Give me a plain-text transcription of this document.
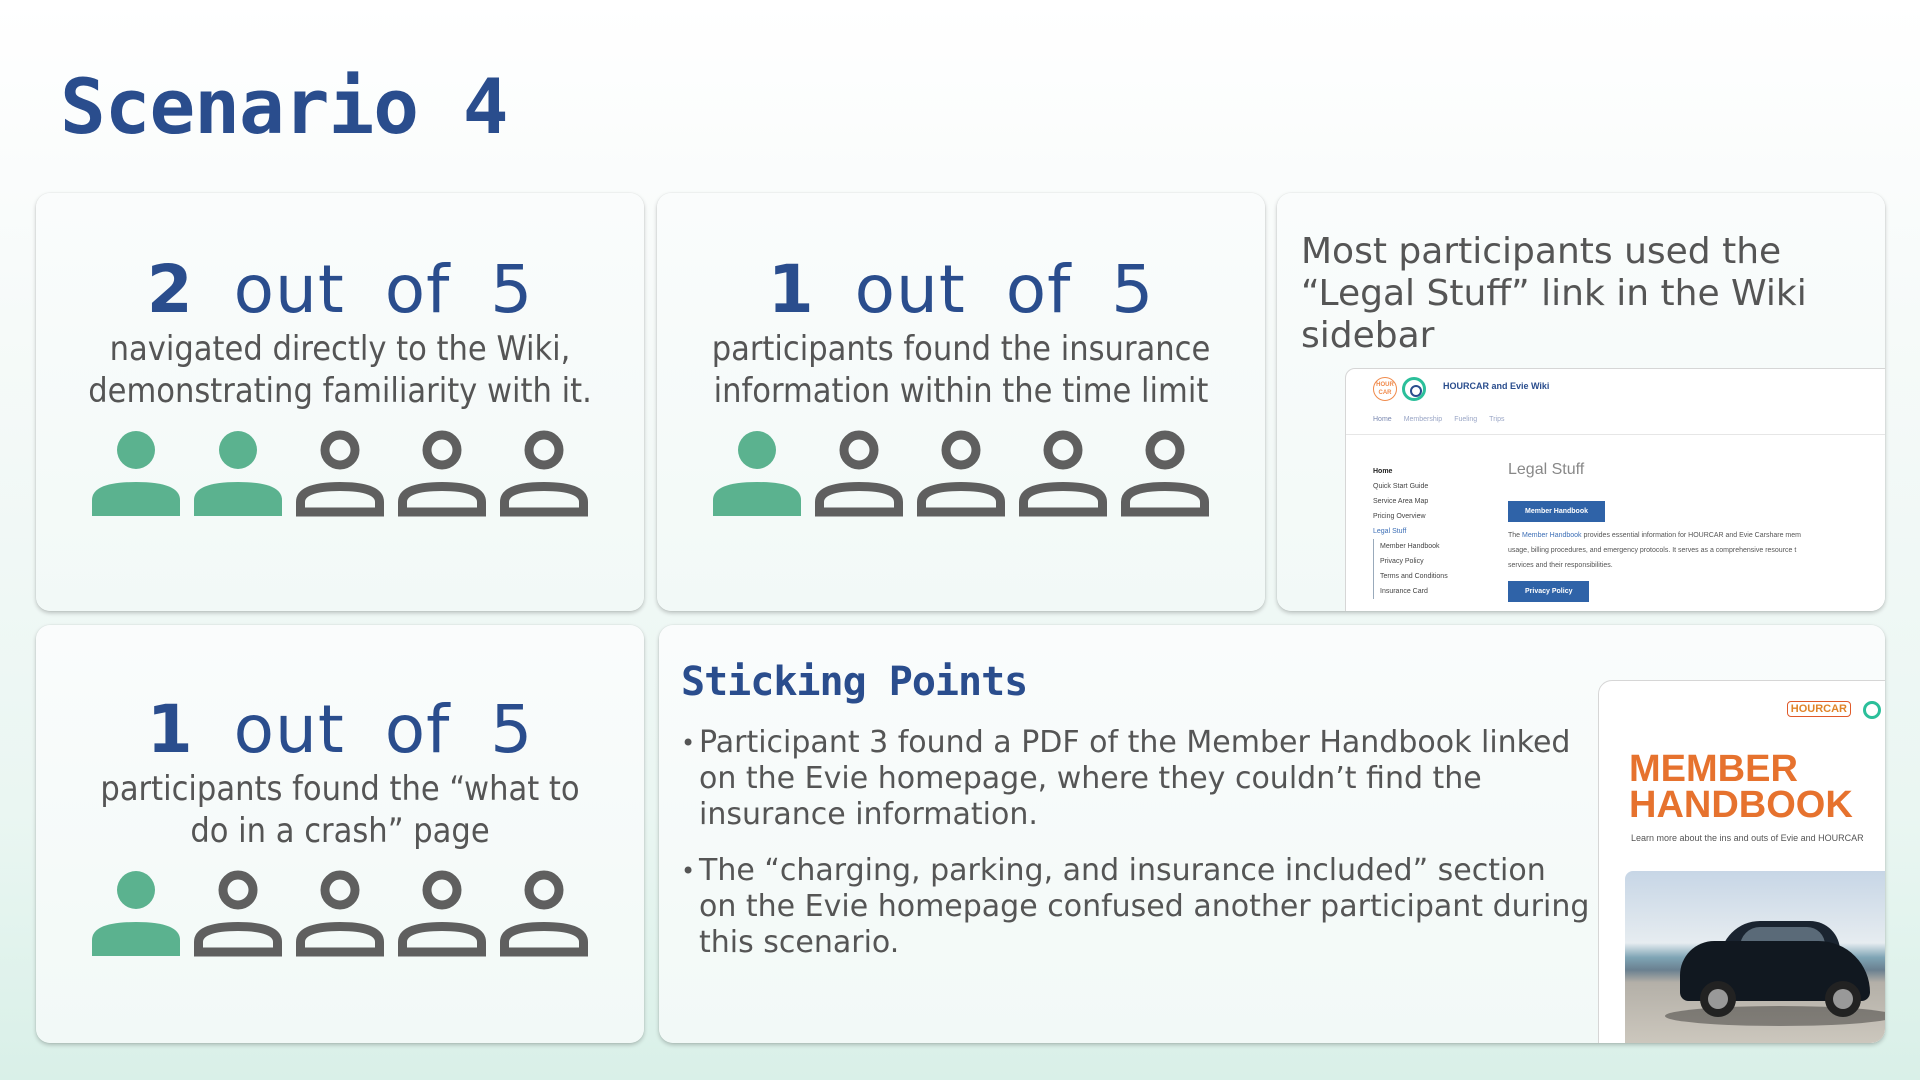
Scenario 4
2 out of 5
navigated directly to the Wiki,
demonstrating familiarity with it.
1 out of 5
participants found the insurance
information within the time limit
Most participants used the “Legal Stuff” link in the Wiki sidebar
HOUR CAR
HOURCAR and Evie Wiki
Home Membership Fueling Trips
Home
Quick Start Guide
Service Area Map
Pricing Overview
Legal Stuff
Member Handbook
Privacy Policy
Terms and Conditions
Insurance Card
Legal Stuff
Member Handbook
The Member Handbook provides essential information for HOURCAR and Evie Carshare mem
usage, billing procedures, and emergency protocols. It serves as a comprehensive resource t
services and their responsibilities.
Privacy Policy
1 out of 5
participants found the “what to
do in a crash” page
Sticking Points
• Participant 3 found a PDF of the Member Handbook linked on the Evie homepage, where they couldn’t find the insurance information.
• The “charging, parking, and insurance included” section on the Evie homepage confused another participant during this scenario.
HOURCAR
MEMBER
HANDBOOK
Learn more about the ins and outs of Evie and HOURCAR
